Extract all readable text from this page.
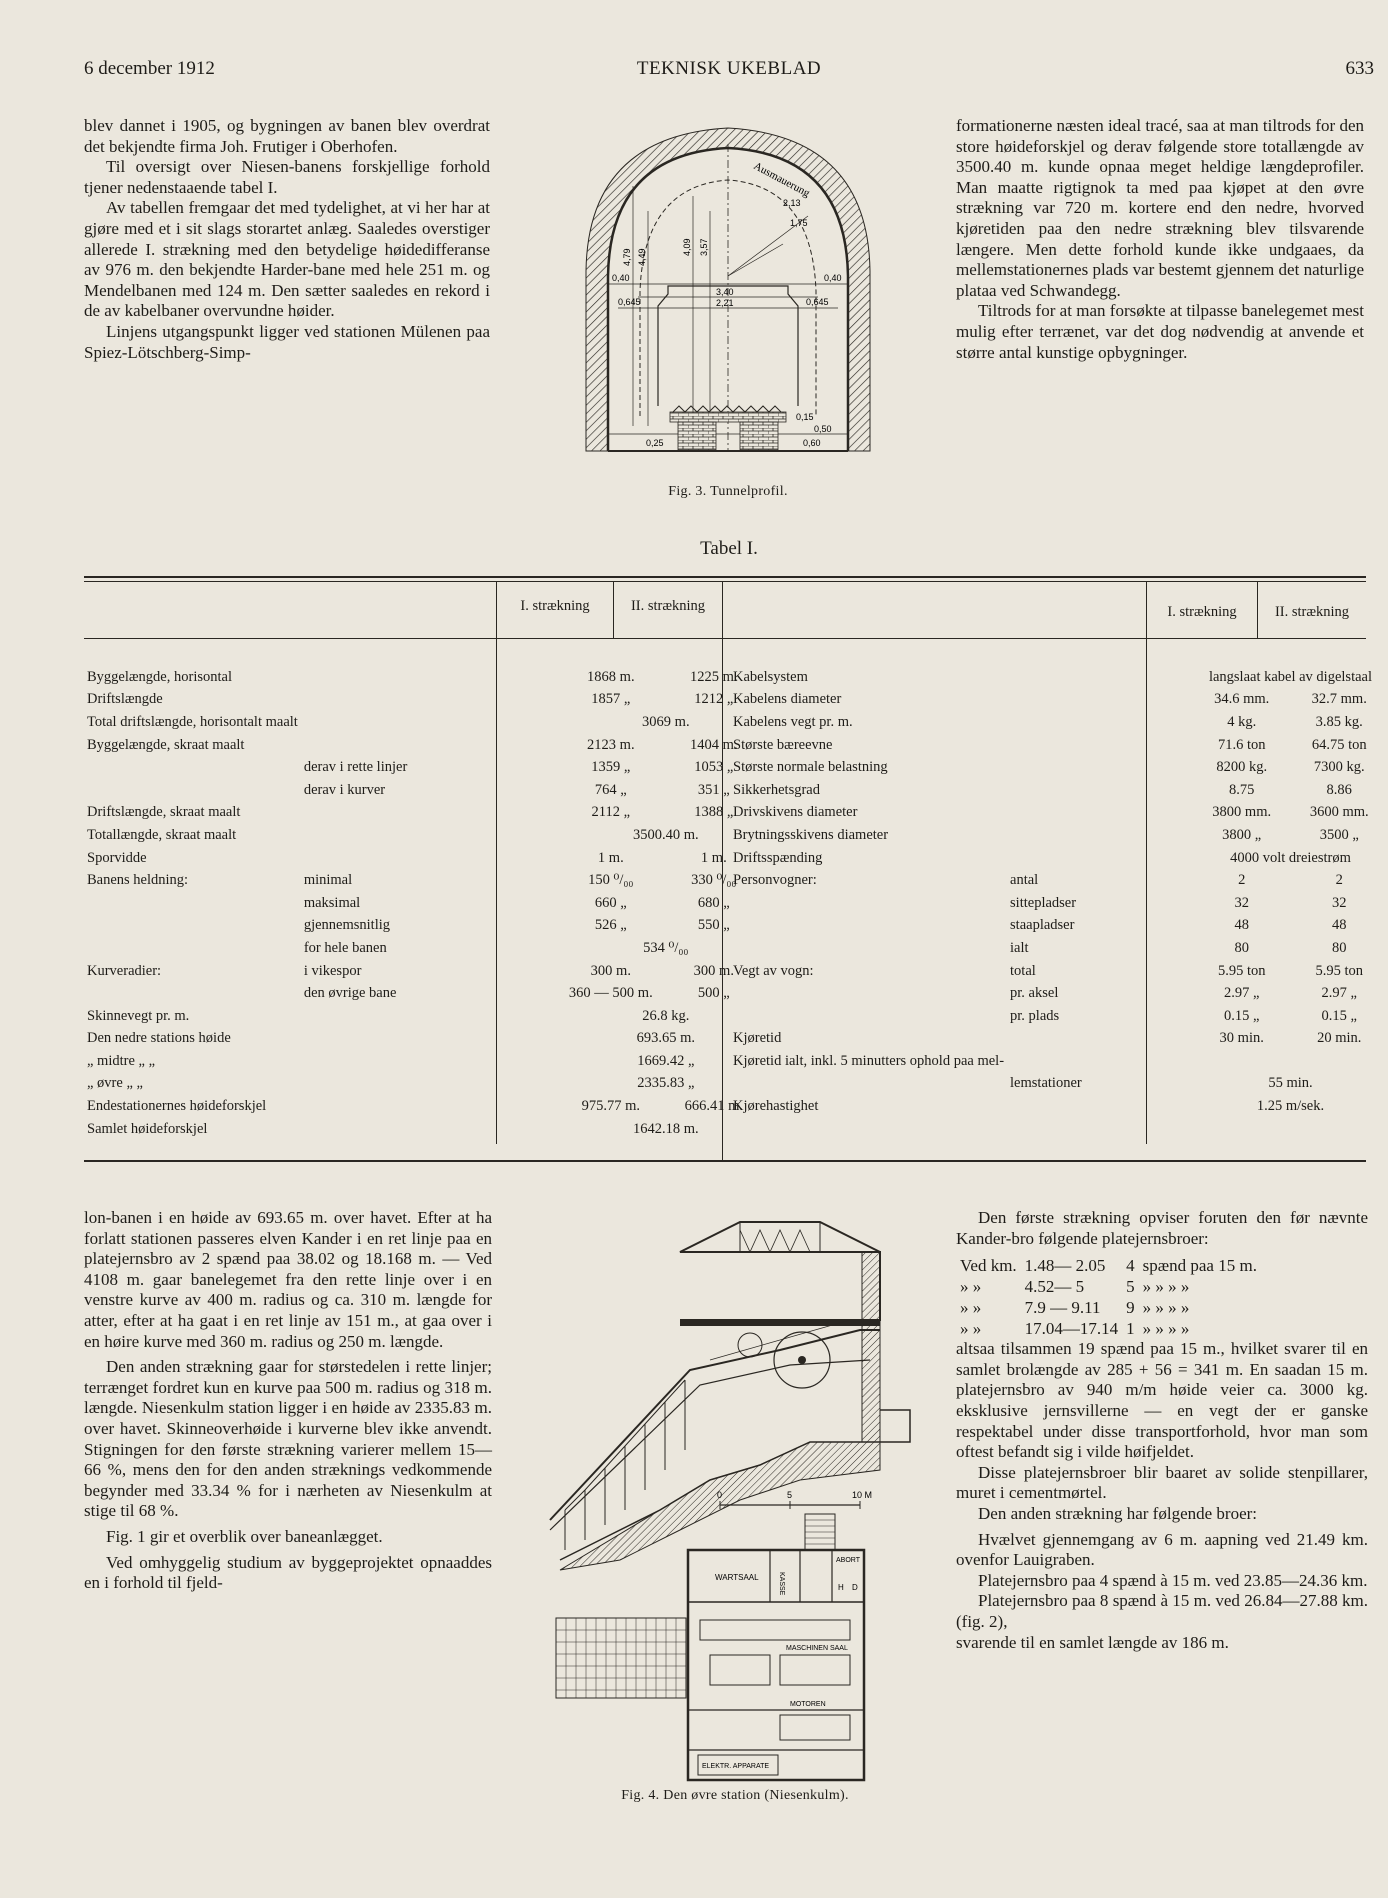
6 december 1912	TEKNISK UKEBLAD	633

blev dannet i 1905, og bygningen av banen blev overdrat det bekjendte firma Joh. Frutiger i Oberhofen.

Til oversigt over Niesen-banens forskjellige forhold tjener nedenstaaende tabel I.

Av tabellen fremgaar det med tydelighet, at vi her har at gjøre med et i sit slags storartet anlæg. Saaledes overstiger allerede I. strækning med den betydelige høidedifferanse av 976 m. den bekjendte Harder-bane med hele 251 m. og Mendelbanen med 124 m. Den sætter saaledes en rekord i de av kabelbaner overvundne høider.

Linjens utgangspunkt ligger ved stationen Mülenen paa Spiez-Lötschberg-Simp-

Ausmauerung
0,40
4,79 4,49
4,09 3,57
0,40
0,645
3,40
2,21	0,645
0,15
0,50
0,60
0,25
1,75
2,13
Fig. 3. Tunnelprofil.

formationerne næsten ideal tracé, saa at man tiltrods for den store høideforskjel og derav følgende store totallængde av 3500.40 m. kunde opnaa meget heldige længdeprofiler. Man maatte rigtignok ta med paa kjøpet at den øvre strækning var 720 m. kortere end den nedre, hvorved kjøretiden paa den nedre strækning blev tilsvarende længere. Men dette forhold kunde ikke undgaaes, da mellemstationernes plads var bestemt gjennem det naturlige plataa ved Schwandegg.

Tiltrods for at man forsøkte at tilpasse banelegemet mest mulig efter terrænet, var det dog nødvendig at anvende et større antal kunstige opbygninger.

Tabel I.
I. strækning	II. strækning	I. strækning	II. strækning
Byggelængde, horisontal		1868 m.	1225 m.
Driftslængde		1857 „	1212 „
Total driftslængde, horisontalt maalt		3069 m.	
Byggelængde, skraat maalt		2123 m.	1404 m.
	derav i rette linjer	1359 „	1053 „
	derav i kurver	764 „	351 „
Driftslængde, skraat maalt		2112 „	1388 „
Totallængde, skraat maalt		3500.40 m.	
Sporvidde		1 m.	1 m.
Banens heldning:	minimal	150 ⁰/₀₀	330 ⁰/₀₀
	maksimal	660 „	680 „
	gjennemsnitlig	526 „	550 „
	for hele banen	534 ⁰/₀₀	
Kurveradier:	i vikespor	300 m.	300 m.
	den øvrige bane	360 — 500 m.	500 „
Skinnevegt pr. m.		26.8 kg.	
Den nedre stations høide		693.65 m.	
„ midtre „ „		1669.42 „	
„ øvre „ „		2335.83 „	
Endestationernes høideforskjel		975.77 m.	666.41 m.
Samlet høideforskjel		1642.18 m.	
Kabelsystem		langslaat kabel av digelstaal	
Kabelens diameter		34.6 mm.	32.7 mm.
Kabelens vegt pr. m.		4 kg.	3.85 kg.
Største bæreevne		71.6 ton	64.75 ton
Største normale belastning		8200 kg.	7300 kg.
Sikkerhetsgrad		8.75	8.86
Drivskivens diameter		3800 mm.	3600 mm.
Brytningsskivens diameter		3800 „	3500 „
Driftsspænding		4000 volt dreiestrøm	
Personvogner:	antal	2	2
	sittepladser	32	32
	staapladser	48	48
	ialt	80	80
Vegt av vogn:	total	5.95 ton	5.95 ton
	pr. aksel	2.97 „	2.97 „
	pr. plads	0.15 „	0.15 „
Kjøretid		30 min.	20 min.
Kjøretid ialt, inkl. 5 minutters ophold paa mel-			
	lemstationer	55 min.	
Kjørehastighet		1.25 m/sek.	

lon-banen i en høide av 693.65 m. over havet. Efter at ha forlatt stationen passeres elven Kander i en ret linje paa en platejernsbro av 2 spænd paa 38.02 og 18.168 m. — Ved 4108 m. gaar banelegemet fra den rette linje over i en venstre kurve av 400 m. radius og ca. 310 m. længde for atter, efter at ha gaat i en ret linje av 151 m., at gaa over i en høire kurve med 360 m. radius og 250 m. længde.

Den anden strækning gaar for størstedelen i rette linjer; terrænget fordret kun en kurve paa 500 m. radius og 318 m. længde. Niesenkulm station ligger i en høide av 2335.83 m. over havet. Skinneoverhøide i kurverne blev ikke anvendt. Stigningen for den første strækning varierer mellem 15—66 %, mens den for den anden stræknings vedkommende begynder med 33.34 % for i nærheten av Niesenkulm at stige til 68 %.

Fig. 1 gir et overblik over baneanlægget.

Ved omhyggelig studium av byggeprojektet opnaaddes en i forhold til fjeld-

0	5	10 M
WARTSAAL	KASSE
ABORT
H D
MASCHINEN SAAL
MOTOREN
ELEKTR. APPARATE
Fig. 4. Den øvre station (Niesenkulm).

Den første strækning opviser foruten den før nævnte Kander-bro følgende platejernsbroer:

Ved km.	1.48— 2.05	4	spænd paa 15 m.
» »	4.52— 5	5	» » » »
» »	7.9 — 9.11	9	» » » »
» »	17.04—17.14	1	» » » »

altsaa tilsammen 19 spænd paa 15 m., hvilket svarer til en samlet brolængde av 285 + 56 = 341 m. En saadan 15 m. platejernsbro av 940 m/m høide veier ca. 3000 kg. eksklusive jernsvillerne — en vegt der er ganske respektabel under disse transportforhold, hvor man som oftest befandt sig i vilde høifjeldet.

Disse platejernsbroer blir baaret av solide stenpillarer, muret i cementmørtel.

Den anden strækning har følgende broer:

Hvælvet gjennemgang av 6 m. aapning ved 21.49 km. ovenfor Lauigraben.

Platejernsbro paa 4 spænd à 15 m. ved 23.85—24.36 km.

Platejernsbro paa 8 spænd à 15 m. ved 26.84—27.88 km. (fig. 2),

svarende til en samlet længde av 186 m.
